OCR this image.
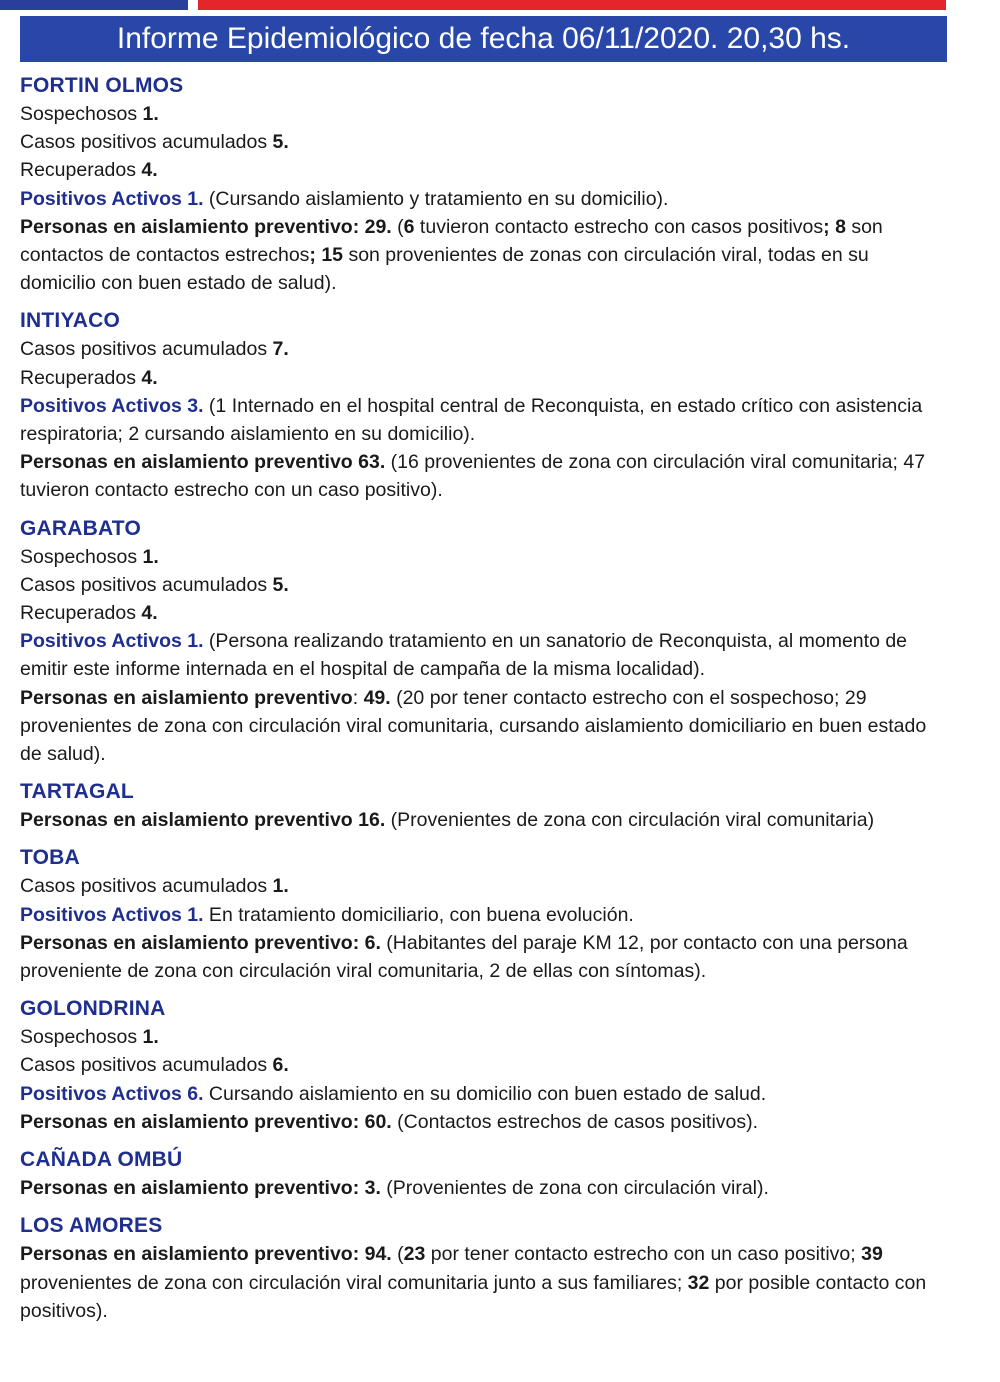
Informe Epidemiológico de fecha 06/11/2020. 20,30 hs.
FORTIN OLMOS

Sospechosos 1.

Casos positivos acumulados 5.

Recuperados 4.

Positivos Activos 1. (Cursando aislamiento y tratamiento en su domicilio).

Personas en aislamiento preventivo: 29. (6 tuvieron contacto estrecho con casos positivos; 8 son contactos de contactos estrechos; 15 son provenientes de zonas con circulación viral, todas en su domicilio con buen estado de salud).

INTIYACO

Casos positivos acumulados 7.

Recuperados 4.

Positivos Activos 3. (1 Internado en el hospital central de Reconquista, en estado crítico con asistencia respiratoria; 2 cursando aislamiento en su domicilio).

Personas en aislamiento preventivo 63. (16 provenientes de zona con circulación viral comunitaria; 47 tuvieron contacto estrecho con un caso positivo).

GARABATO

Sospechosos 1.

Casos positivos acumulados 5.

Recuperados 4.

Positivos Activos 1. (Persona realizando tratamiento en un sanatorio de Reconquista, al momento de emitir este informe internada en el hospital de campaña de la misma localidad).

Personas en aislamiento preventivo: 49. (20 por tener contacto estrecho con el sospechoso; 29 provenientes de zona con circulación viral comunitaria, cursando aislamiento domiciliario en buen estado de salud).

TARTAGAL

Personas en aislamiento preventivo 16. (Provenientes de zona con circulación viral comunitaria)

TOBA

Casos positivos acumulados 1.

Positivos Activos 1. En tratamiento domiciliario, con buena evolución.

Personas en aislamiento preventivo: 6. (Habitantes del paraje KM 12, por contacto con una persona proveniente de zona con circulación viral comunitaria, 2 de ellas con síntomas).

GOLONDRINA

Sospechosos 1.

Casos positivos acumulados 6.

Positivos Activos 6. Cursando aislamiento en su domicilio con buen estado de salud.

Personas en aislamiento preventivo: 60. (Contactos estrechos de casos positivos).

CAÑADA OMBÚ

Personas en aislamiento preventivo: 3. (Provenientes de zona con circulación viral).

LOS AMORES

Personas en aislamiento preventivo: 94. (23 por tener contacto estrecho con un caso positivo; 39 provenientes de zona con circulación viral comunitaria junto a sus familiares; 32 por posible contacto con positivos).
